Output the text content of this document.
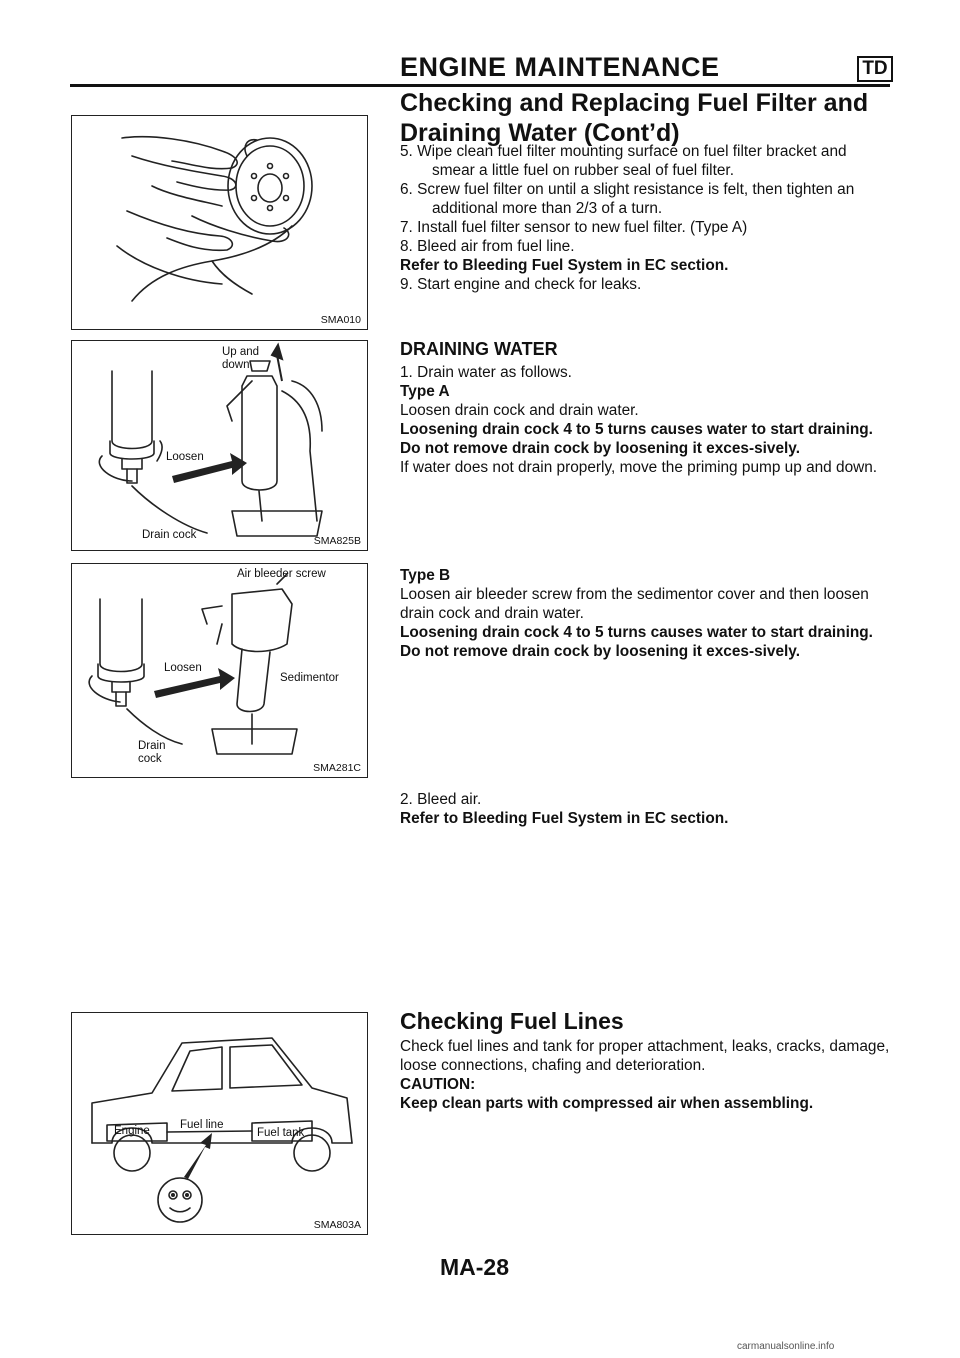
ENGINE MAINTENANCE	TD
Checking and Replacing Fuel Filter and
Draining Water (Cont’d)
SMA010
Up and
down
Loosen
Drain cock	SMA825B
Air bleeder screw
Loosen
Sedimentor
Drain
cock
SMA281C
Engine	Fuel line
Fuel tank
SMA803A

5. Wipe clean fuel filter mounting surface on fuel filter bracket and smear a little fuel on rubber seal of fuel filter.

6. Screw fuel filter on until a slight resistance is felt, then tighten an additional more than 2/3 of a turn.

7. Install fuel filter sensor to new fuel filter. (Type A)

8. Bleed air from fuel line.

Refer to Bleeding Fuel System in EC section.

9. Start engine and check for leaks.

DRAINING WATER

1. Drain water as follows.

Type A

Loosen drain cock and drain water.

Loosening drain cock 4 to 5 turns causes water to start draining. Do not remove drain cock by loosening it exces-sively.

If water does not drain properly, move the priming pump up and down.

Type B

Loosen air bleeder screw from the sedimentor cover and then loosen drain cock and drain water.

Loosening drain cock 4 to 5 turns causes water to start draining. Do not remove drain cock by loosening it exces-sively.

2. Bleed air.

Refer to Bleeding Fuel System in EC section.

Checking Fuel Lines

Check fuel lines and tank for proper attachment, leaks, cracks, damage, loose connections, chafing and deterioration.

CAUTION:

Keep clean parts with compressed air when assembling.

MA-28
carmanualsonline.info
